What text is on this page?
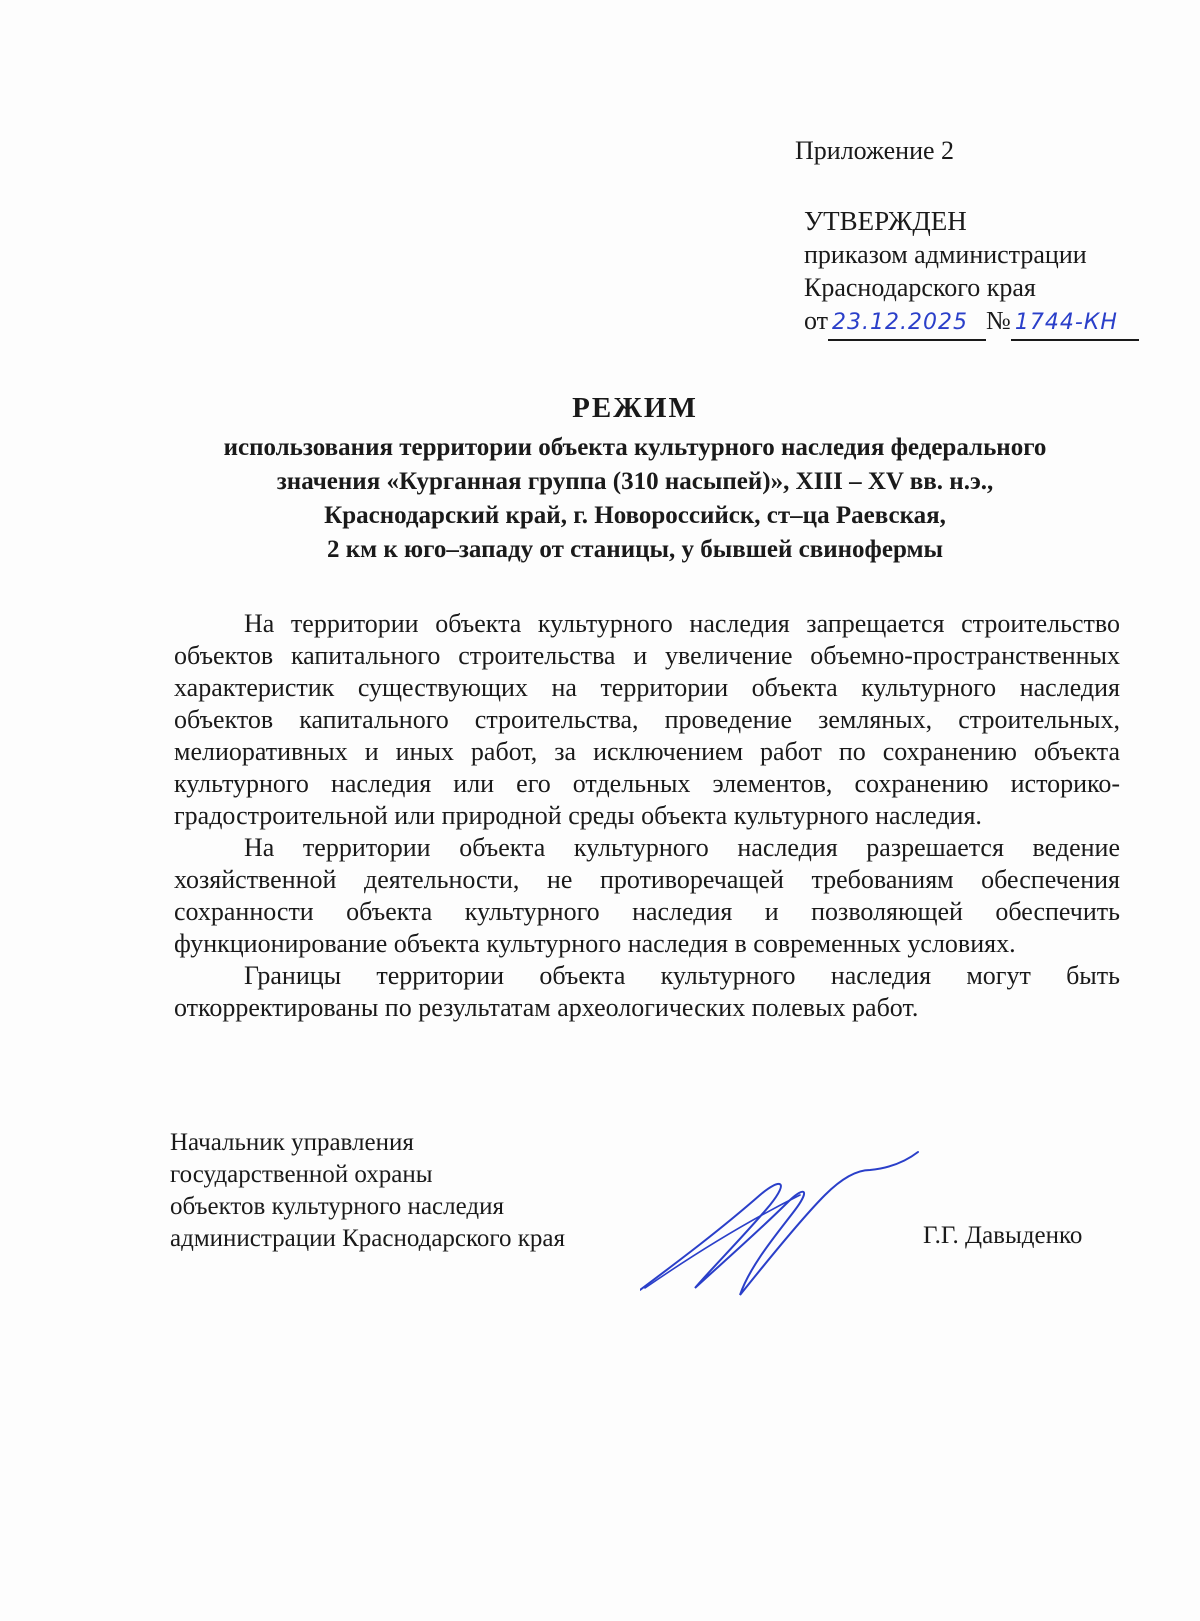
Приложение 2
УТВЕРЖДЕН
приказом администрации
Краснодарского края
от 23.12.2025 № 1744-КН
РЕЖИМ
использования территории объекта культурного наследия федерального
значения «Курганная группа (310 насыпей)», XIII – XV вв. н.э.,
Краснодарский край, г. Новороссийск, ст–ца Раевская,
2 км к юго–западу от станицы, у бывшей свинофермы

На территории объекта культурного наследия запрещается строительство объектов капитального строительства и увеличение объемно-пространственных характеристик существующих на территории объекта культурного наследия объектов капитального строительства, проведение земляных, строительных, мелиоративных и иных работ, за исключением работ по сохранению объекта культурного наследия или его отдельных элементов, сохранению историко-градостроительной или природной среды объекта культурного наследия.

На территории объекта культурного наследия разрешается ведение хозяйственной деятельности, не противоречащей требованиям обеспечения сохранности объекта культурного наследия и позволяющей обеспечить функционирование объекта культурного наследия в современных условиях.

Границы территории объекта культурного наследия могут быть откорректированы по результатам археологических полевых работ.

Начальник управления
государственной охраны
объектов культурного наследия
администрации Краснодарского края	Г.Г. Давыденко
